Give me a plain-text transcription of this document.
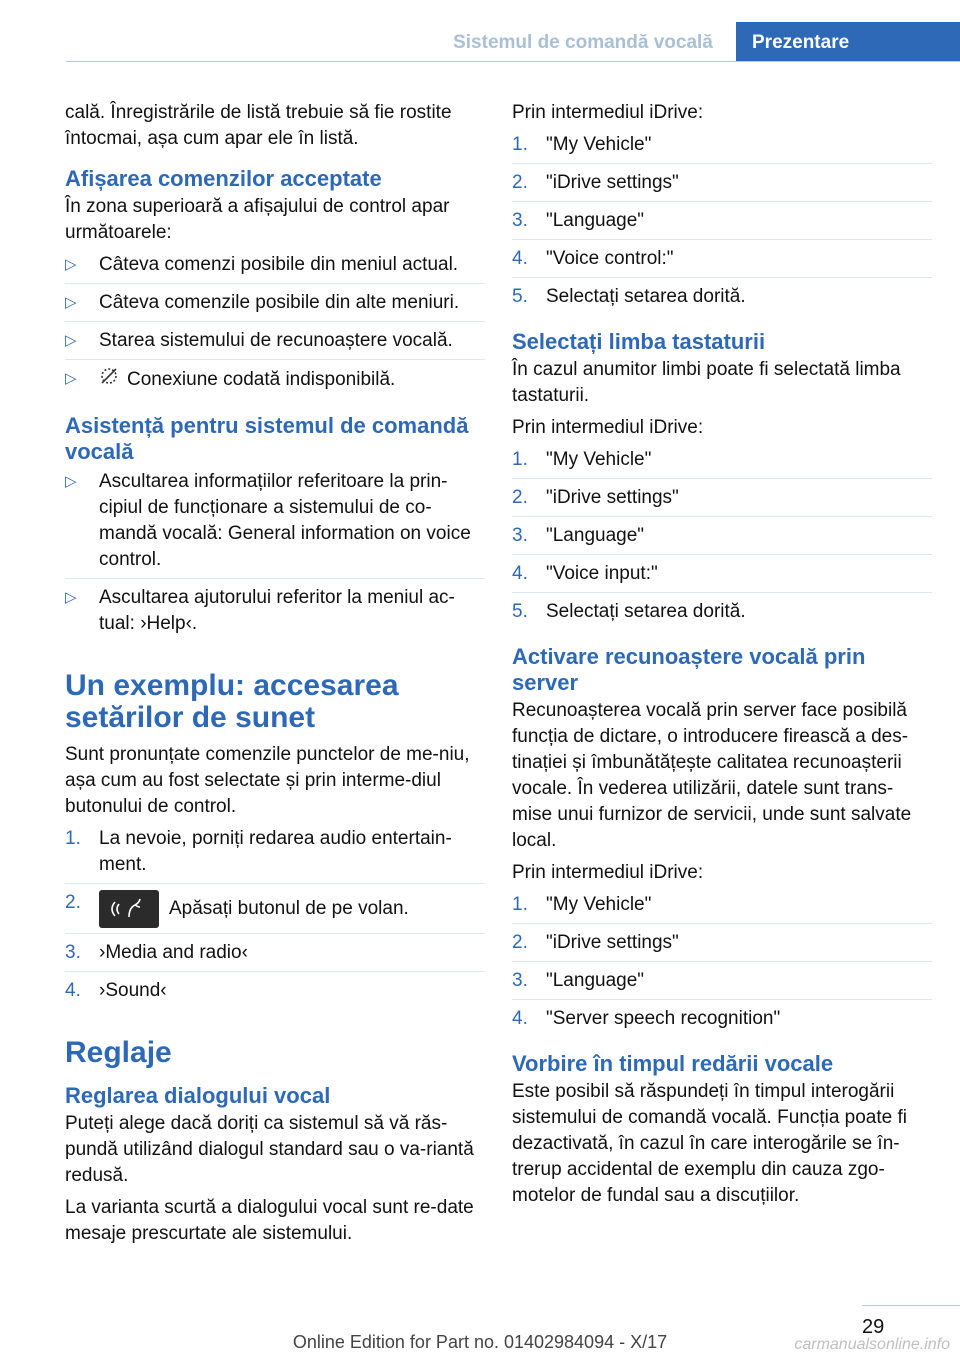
Sistemul de comandă vocală	Prezentare

cală. Înregistrările de listă trebuie să fie rostite întocmai, așa cum apar ele în listă.

Afișarea comenzilor acceptate

În zona superioară a afișajului de control apar următoarele:

▷ Câteva comenzi posibile din meniul actual.
▷ Câteva comenzile posibile din alte meniuri.
▷ Starea sistemului de recunoaștere vocală.
▷	Conexiune codată indisponibilă.
Asistență pentru sistemul de comandă vocală
▷ Ascultarea informațiilor referitoare la prin‐cipiul de funcționare a sistemului de co‐mandă vocală: General information on voice control.
▷ Ascultarea ajutorului referitor la meniul ac‐tual: ›Help‹.
Un exemplu: accesarea setărilor de sunet

Sunt pronunțate comenzile punctelor de me‐niu, așa cum au fost selectate și prin interme‐diul butonului de control.

1. La nevoie, porniți redarea audio entertain‐ment.
2.	Apăsați butonul de pe volan.
3. ›Media and radio‹
4. ›Sound‹
Reglaje
Reglarea dialogului vocal

Puteți alege dacă doriți ca sistemul să vă răs‐pundă utilizând dialogul standard sau o va‐riantă redusă.

La varianta scurtă a dialogului vocal sunt re‐date mesaje prescurtate ale sistemului.

Prin intermediul iDrive:

1. "My Vehicle"
2. "iDrive settings"
3. "Language"
4. "Voice control:"
5. Selectați setarea dorită.
Selectați limba tastaturii

În cazul anumitor limbi poate fi selectată limba tastaturii.

Prin intermediul iDrive:

1. "My Vehicle"
2. "iDrive settings"
3. "Language"
4. "Voice input:"
5. Selectați setarea dorită.
Activare recunoaștere vocală prin server

Recunoașterea vocală prin server face posibilă funcția de dictare, o introducere firească a des‐tinației și îmbunătățește calitatea recunoașterii vocale. În vederea utilizării, datele sunt trans‐mise unui furnizor de servicii, unde sunt salvate local.

Prin intermediul iDrive:

1. "My Vehicle"
2. "iDrive settings"
3. "Language"
4. "Server speech recognition"
Vorbire în timpul redării vocale

Este posibil să răspundeți în timpul interogării sistemului de comandă vocală. Funcția poate fi dezactivată, în cazul în care interogările se în‐trerup accidental de exemplu din cauza zgo‐motelor de fundal sau a discuțiilor.

29
Online Edition for Part no. 01402984094 - X/17	carmanualsonline.info
